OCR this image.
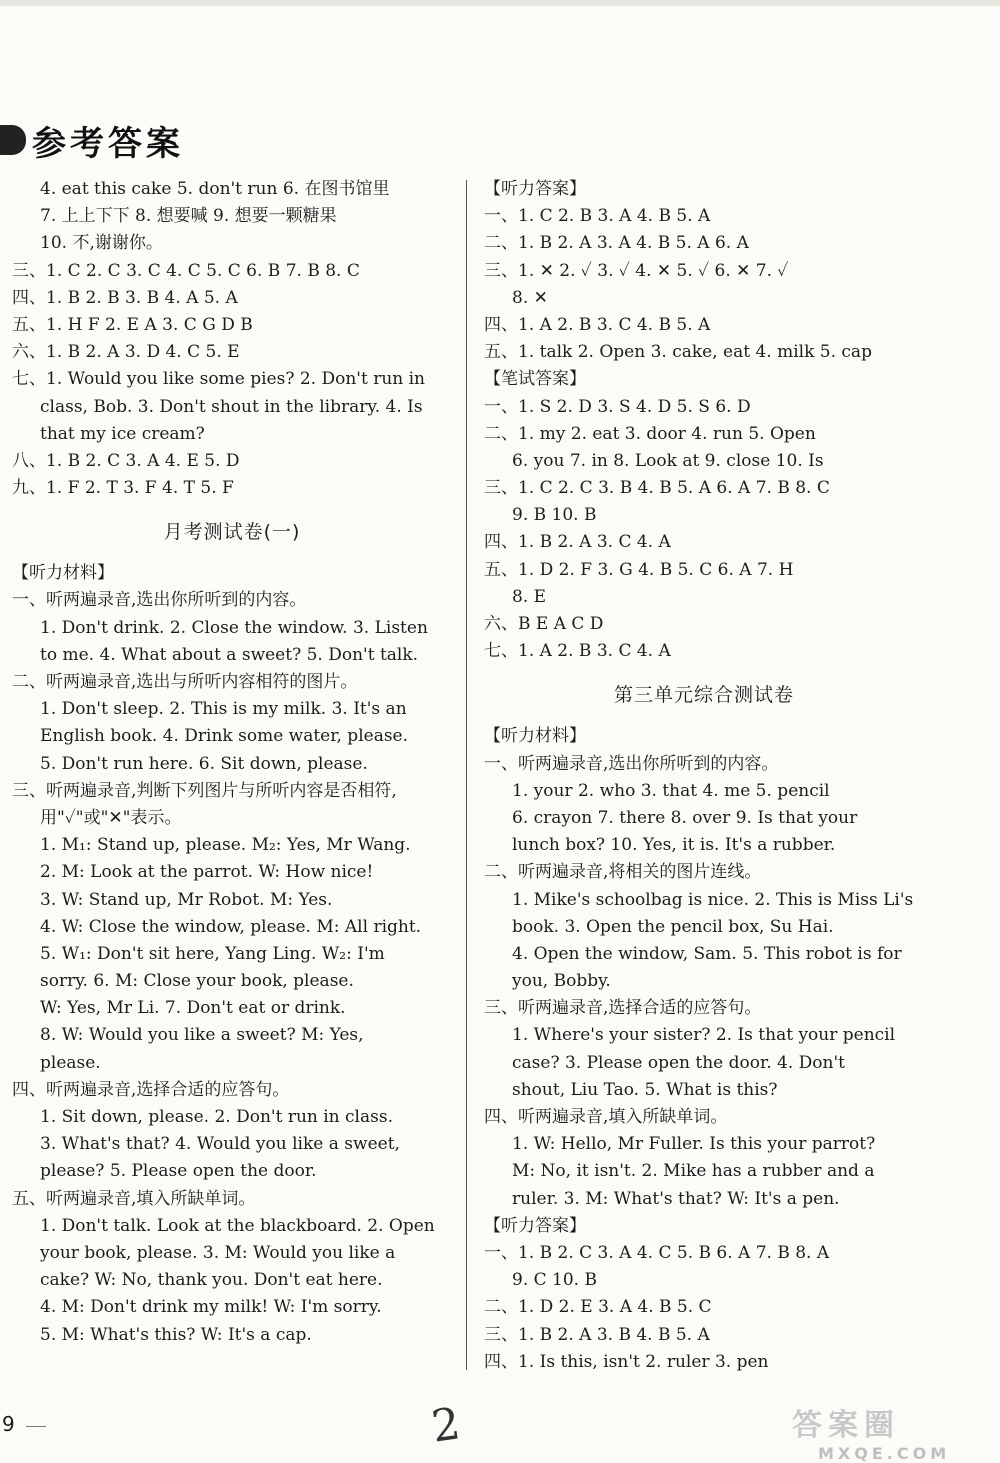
参考答案
4. eat this cake 5. don't run 6. 在图书馆里
7. 上上下下 8. 想要喊 9. 想要一颗糖果
10. 不,谢谢你。
三、1. C 2. C 3. C 4. C 5. C 6. B 7. B 8. C
四、1. B 2. B 3. B 4. A 5. A
五、1. H F 2. E A 3. C G D B
六、1. B 2. A 3. D 4. C 5. E
七、1. Would you like some pies? 2. Don't run in
class, Bob. 3. Don't shout in the library. 4. Is
that my ice cream?
八、1. B 2. C 3. A 4. E 5. D
九、1. F 2. T 3. F 4. T 5. F
月考测试卷(一)
【听力材料】
一、听两遍录音,选出你所听到的内容。
1. Don't drink. 2. Close the window. 3. Listen
to me. 4. What about a sweet? 5. Don't talk.
二、听两遍录音,选出与所听内容相符的图片。
1. Don't sleep. 2. This is my milk. 3. It's an
English book. 4. Drink some water, please.
5. Don't run here. 6. Sit down, please.
三、听两遍录音,判断下列图片与所听内容是否相符,
用"✓"或"✕"表示。
1. M₁: Stand up, please. M₂: Yes, Mr Wang.
2. M: Look at the parrot. W: How nice!
3. W: Stand up, Mr Robot. M: Yes.
4. W: Close the window, please. M: All right.
5. W₁: Don't sit here, Yang Ling. W₂: I'm
sorry. 6. M: Close your book, please.
W: Yes, Mr Li. 7. Don't eat or drink.
8. W: Would you like a sweet? M: Yes,
please.
四、听两遍录音,选择合适的应答句。
1. Sit down, please. 2. Don't run in class.
3. What's that? 4. Would you like a sweet,
please? 5. Please open the door.
五、听两遍录音,填入所缺单词。
1. Don't talk. Look at the blackboard. 2. Open
your book, please. 3. M: Would you like a
cake? W: No, thank you. Don't eat here.
4. M: Don't drink my milk! W: I'm sorry.
5. M: What's this? W: It's a cap.
【听力答案】
一、1. C 2. B 3. A 4. B 5. A
二、1. B 2. A 3. A 4. B 5. A 6. A
三、1. ✕ 2. ✓ 3. ✓ 4. ✕ 5. ✓ 6. ✕ 7. ✓
8. ✕
四、1. A 2. B 3. C 4. B 5. A
五、1. talk 2. Open 3. cake, eat 4. milk 5. cap
【笔试答案】
一、1. S 2. D 3. S 4. D 5. S 6. D
二、1. my 2. eat 3. door 4. run 5. Open
6. you 7. in 8. Look at 9. close 10. Is
三、1. C 2. C 3. B 4. B 5. A 6. A 7. B 8. C
9. B 10. B
四、1. B 2. A 3. C 4. A
五、1. D 2. F 3. G 4. B 5. C 6. A 7. H
8. E
六、B E A C D
七、1. A 2. B 3. C 4. A
第三单元综合测试卷
【听力材料】
一、听两遍录音,选出你所听到的内容。
1. your 2. who 3. that 4. me 5. pencil
6. crayon 7. there 8. over 9. Is that your
lunch box? 10. Yes, it is. It's a rubber.
二、听两遍录音,将相关的图片连线。
1. Mike's schoolbag is nice. 2. This is Miss Li's
book. 3. Open the pencil box, Su Hai.
4. Open the window, Sam. 5. This robot is for
you, Bobby.
三、听两遍录音,选择合适的应答句。
1. Where's your sister? 2. Is that your pencil
case? 3. Please open the door. 4. Don't
shout, Liu Tao. 5. What is this?
四、听两遍录音,填入所缺单词。
1. W: Hello, Mr Fuller. Is this your parrot?
M: No, it isn't. 2. Mike has a rubber and a
ruler. 3. M: What's that? W: It's a pen.
【听力答案】
一、1. B 2. C 3. A 4. C 5. B 6. A 7. B 8. A
9. C 10. B
二、1. D 2. E 3. A 4. B 5. C
三、1. B 2. A 3. B 4. B 5. A
四、1. Is this, isn't 2. ruler 3. pen
9	2	答案圈
MXQE.COM
